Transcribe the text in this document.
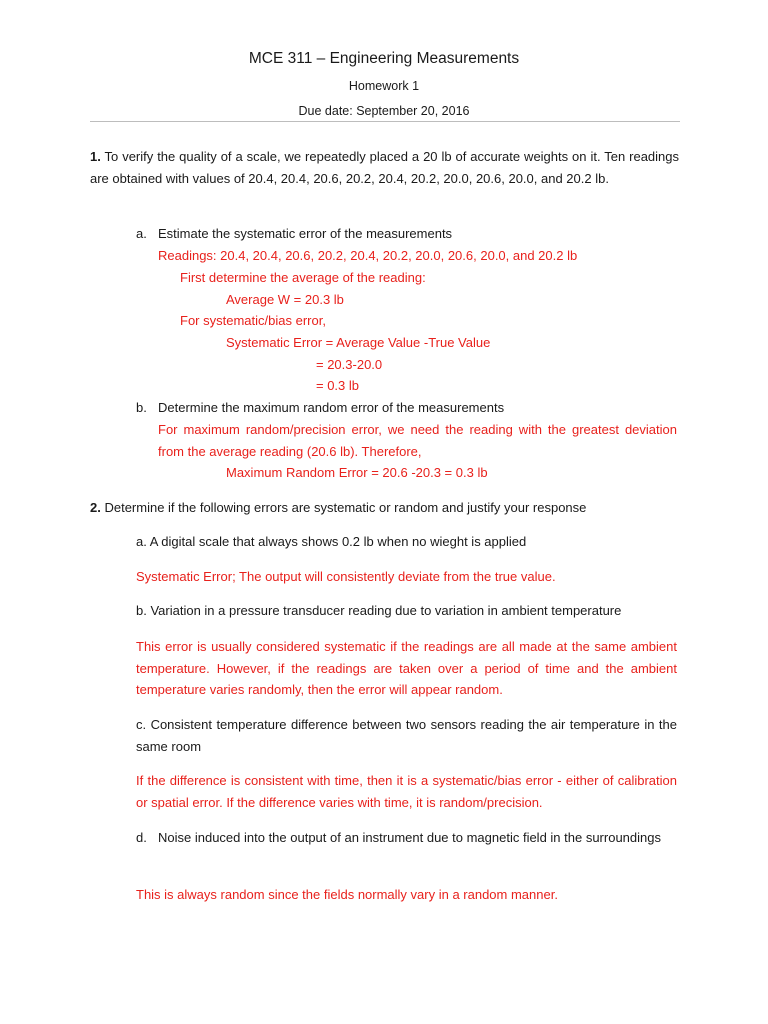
MCE 311 – Engineering Measurements

Homework 1

Due date: September 20, 2016

1. To verify the quality of a scale, we repeatedly placed a 20 lb of accurate weights on it. Ten readings are obtained with values of 20.4, 20.4, 20.6, 20.2, 20.4, 20.2, 20.0, 20.6, 20.0, and 20.2 lb.

a. Estimate the systematic error of the measurements

Readings: 20.4, 20.4, 20.6, 20.2, 20.4, 20.2, 20.0, 20.6, 20.0, and 20.2 lb

First determine the average of the reading:

Average W = 20.3 lb

For systematic/bias error,

Systematic Error = Average Value -True Value

= 20.3-20.0

= 0.3 lb

b. Determine the maximum random error of the measurements

For maximum random/precision error, we need the reading with the greatest deviation from the average reading (20.6 lb). Therefore,

Maximum Random Error = 20.6 -20.3 = 0.3 lb

2. Determine if the following errors are systematic or random and justify your response

a. A digital scale that always shows 0.2 lb when no wieght is applied

Systematic Error; The output will consistently deviate from the true value.

b. Variation in a pressure transducer reading due to variation in ambient temperature

This error is usually considered systematic if the readings are all made at the same ambient temperature. However, if the readings are taken over a period of time and the ambient temperature varies randomly, then the error will appear random.
c. Consistent temperature difference between two sensors reading the air temperature in the same room
If the difference is consistent with time, then it is a systematic/bias error - either of calibration or spatial error. If the difference varies with time, it is random/precision.

d. Noise induced into the output of an instrument due to magnetic field in the surroundings

This is always random since the fields normally vary in a random manner.
